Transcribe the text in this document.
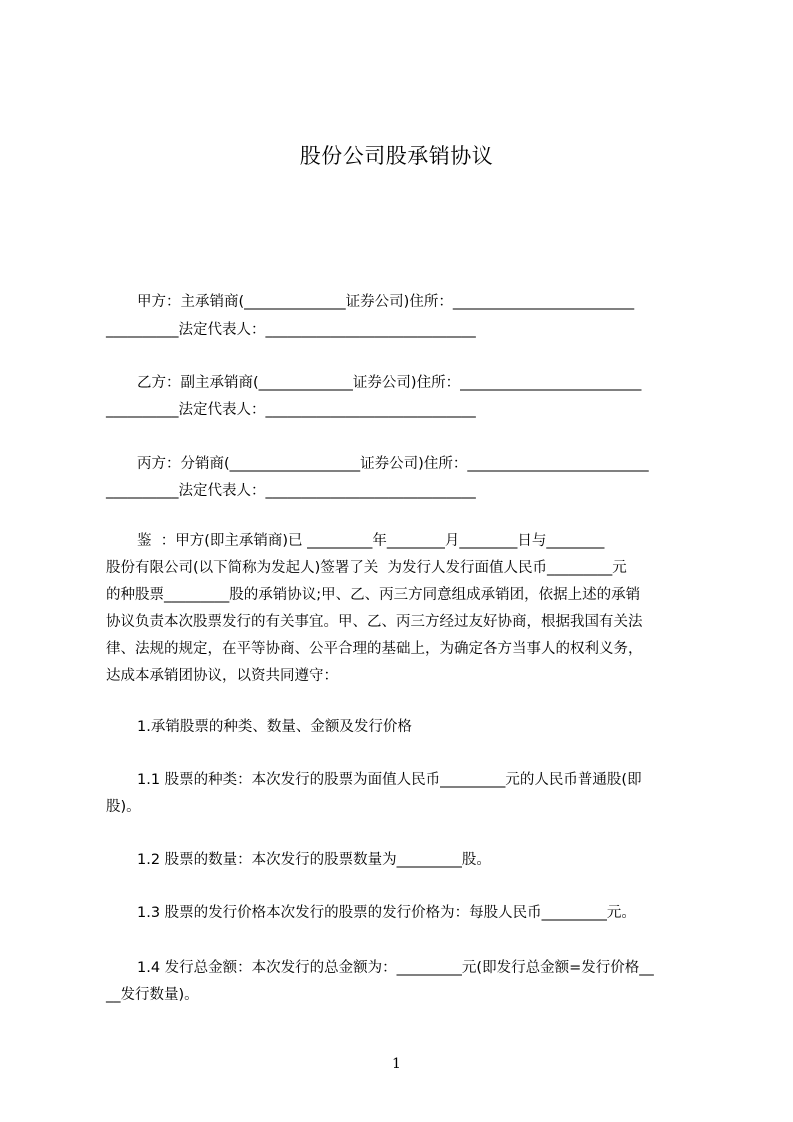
股份公司股承销协议
甲方：主承销商(______________证券公司)住所：_________________________
__________法定代表人：_____________________________
乙方：副主承销商(_____________证券公司)住所：_________________________
__________法定代表人：_____________________________
丙方：分销商(__________________证券公司)住所：_________________________
__________法定代表人：_____________________________
鉴  ：甲方(即主承销商)已 _________年________月________日与________
股份有限公司(以下简称为发起人)签署了关  为发行人发行面值人民币_________元
的种股票_________股的承销协议;甲、乙、丙三方同意组成承销团，依据上述的承销
协议负责本次股票发行的有关事宜。甲、乙、丙三方经过友好协商，根据我国有关法
律、法规的规定，在平等协商、公平合理的基础上，为确定各方当事人的权利义务，
达成本承销团协议，以资共同遵守：
1.承销股票的种类、数量、金额及发行价格
1.1 股票的种类：本次发行的股票为面值人民币_________元的人民币普通股(即
股)。
1.2 股票的数量：本次发行的股票数量为_________股。
1.3 股票的发行价格本次发行的股票的发行价格为：每股人民币_________元。
1.4 发行总金额：本次发行的总金额为：_________元(即发行总金额=发行价格__
__发行数量)。
1
